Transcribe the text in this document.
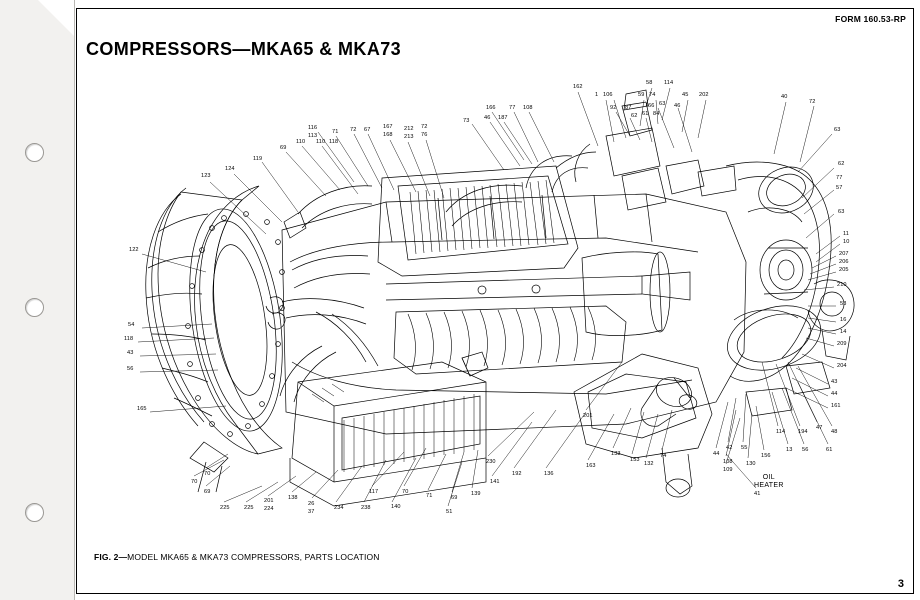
FORM 160.53-RP
COMPRESSORS—MKA65 & MKA73
162
58 114
40
72
1 106	59 74	45 202
166 77 108	92 87	66 63 46
73	46 187	62 61 84
63
62
77
57
63
116
113
71 72 67 167
168
212
213
72
76
69
110 110 118
119
124
123
122
54
118
43
56
165
11
10
207
206
205
210
53
16
14
209
204
43
44
161
114 194
47
48
44
42 55
108
109
130
156
13 56	61
41
201
141
230
192	136
133
153
132
163
74
51
117	70
71	69
139
140
238
234
26
37
138
201
224
225
225
70
69
70	OIL
HEATER
FIG. 2—MODEL MKA65 & MKA73 COMPRESSORS, PARTS LOCATION
3
